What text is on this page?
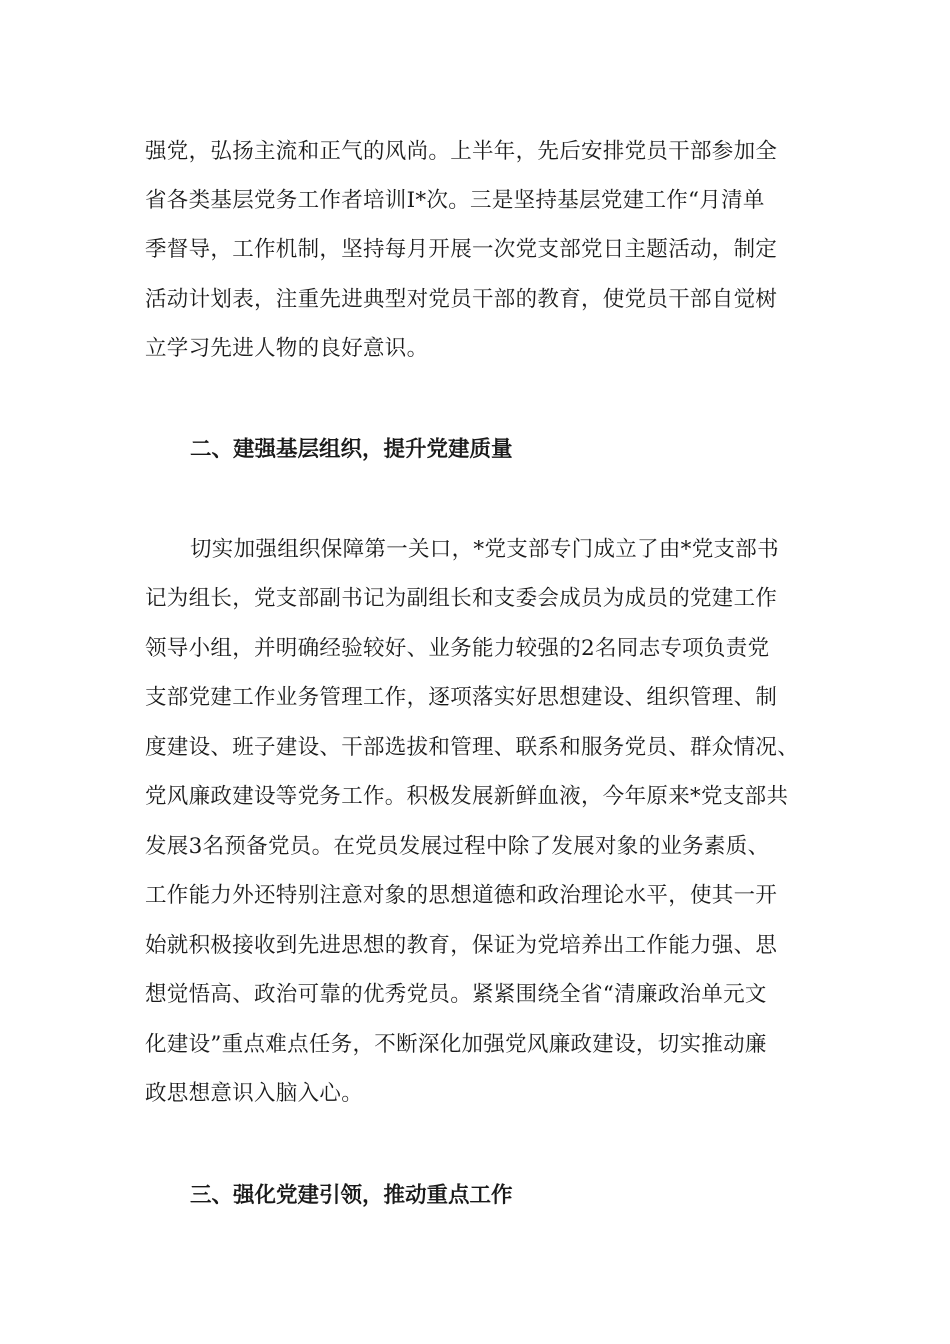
强党，弘扬主流和正气的风尚。上半年，先后安排党员干部参加全
省各类基层党务工作者培训I*次。三是坚持基层党建工作“月清单
季督导，工作机制，坚持每月开展一次党支部党日主题活动，制定
活动计划表，注重先进典型对党员干部的教育，使党员干部自觉树
立学习先进人物的良好意识。
二、建强基层组织，提升党建质量
切实加强组织保障第一关口，*党支部专门成立了由*党支部书
记为组长，党支部副书记为副组长和支委会成员为成员的党建工作
领导小组，并明确经验较好、业务能力较强的2名同志专项负责党
支部党建工作业务管理工作，逐项落实好思想建设、组织管理、制
度建设、班子建设、干部选拔和管理、联系和服务党员、群众情况、
党风廉政建设等党务工作。积极发展新鲜血液，今年原来*党支部共
发展3名预备党员。在党员发展过程中除了发展对象的业务素质、
工作能力外还特别注意对象的思想道德和政治理论水平，使其一开
始就积极接收到先进思想的教育，保证为党培养出工作能力强、思
想觉悟高、政治可靠的优秀党员。紧紧围绕全省“清廉政治单元文
化建设”重点难点任务，不断深化加强党风廉政建设，切实推动廉
政思想意识入脑入心。
三、强化党建引领，推动重点工作
